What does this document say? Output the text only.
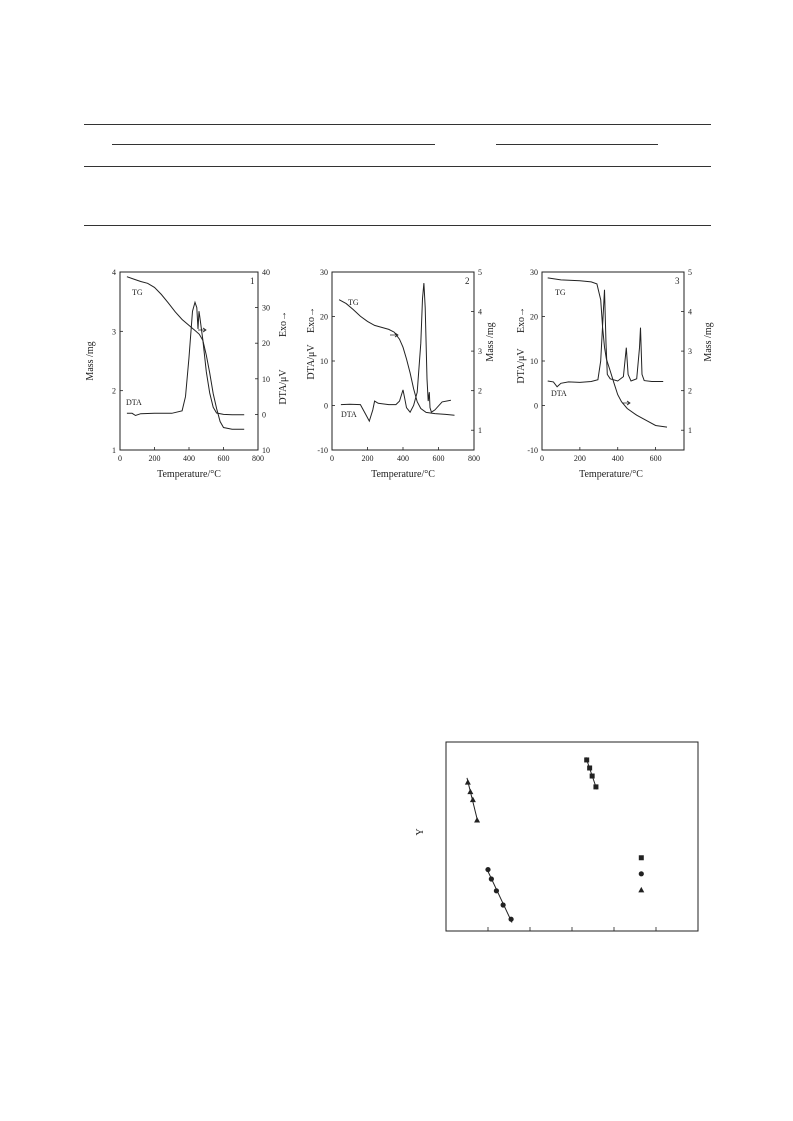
0	200	400	600	800
1
2
3
4
10
0
10
20
30
40
1
Temperature/°C
Mass /mg
DTA/μV
Exo→
TG
DTA
0	200	400	600	800
-10
0
10
20
30
1
2
3
4
5
2
Temperature/°C
DTA/μV
Exo→
Mass /mg
TG
DTA
0	200	400	600
-10
0
10
20
30
1
2
3
4
5
3
Temperature/°C
DTA/μV
Exo→
Mass /mg
TG
DTA
Y
